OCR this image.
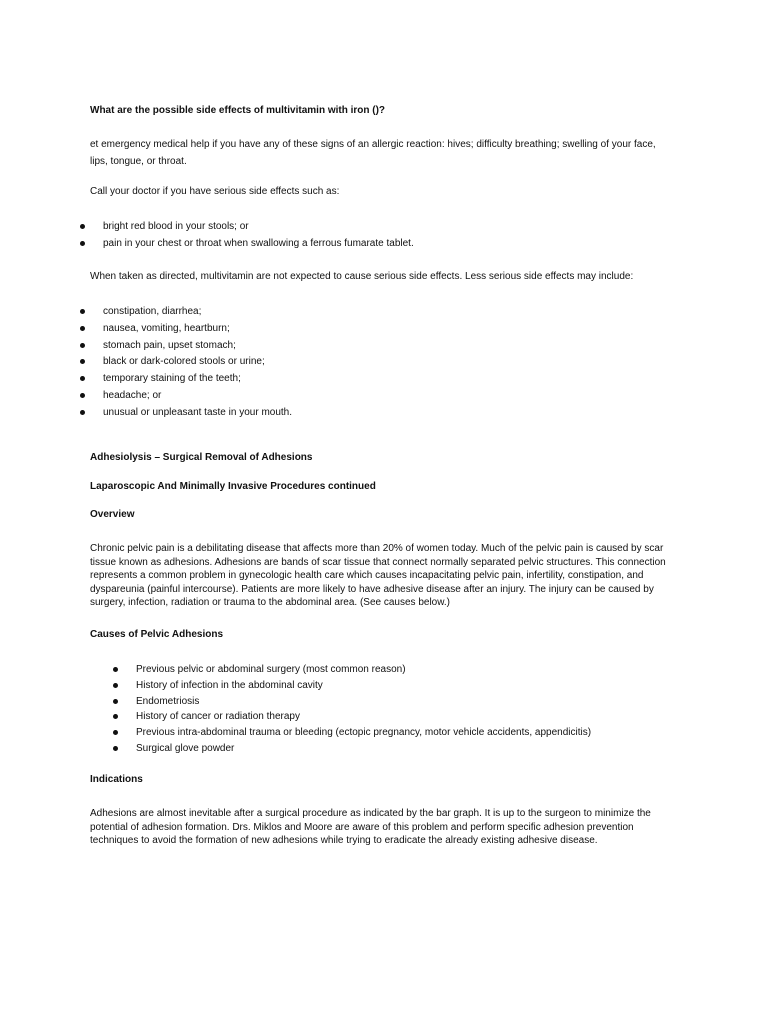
What are the possible side effects of multivitamin with iron ()?

et emergency medical help if you have any of these signs of an allergic reaction: hives; difficulty breathing; swelling of your face, lips, tongue, or throat.

Call your doctor if you have serious side effects such as:

bright red blood in your stools; or
pain in your chest or throat when swallowing a ferrous fumarate tablet.

When taken as directed, multivitamin are not expected to cause serious side effects. Less serious side effects may include:

constipation, diarrhea;
nausea, vomiting, heartburn;
stomach pain, upset stomach;
black or dark-colored stools or urine;
temporary staining of the teeth;
headache; or
unusual or unpleasant taste in your mouth.

Adhesiolysis – Surgical Removal of Adhesions

Laparoscopic And Minimally Invasive Procedures continued

Overview

Chronic pelvic pain is a debilitating disease that affects more than 20% of women today. Much of the pelvic pain is caused by scar tissue known as adhesions. Adhesions are bands of scar tissue that connect normally separated pelvic structures. This connection represents a common problem in gynecologic health care which causes incapacitating pelvic pain, infertility, constipation, and dyspareunia (painful intercourse). Patients are more likely to have adhesive disease after an injury. The injury can be caused by surgery, infection, radiation or trauma to the abdominal area. (See causes below.)

Causes of Pelvic Adhesions

Previous pelvic or abdominal surgery (most common reason)
History of infection in the abdominal cavity
Endometriosis
History of cancer or radiation therapy
Previous intra-abdominal trauma or bleeding (ectopic pregnancy, motor vehicle accidents, appendicitis)
Surgical glove powder

Indications

Adhesions are almost inevitable after a surgical procedure as indicated by the bar graph. It is up to the surgeon to minimize the potential of adhesion formation. Drs. Miklos and Moore are aware of this problem and perform specific adhesion prevention techniques to avoid the formation of new adhesions while trying to eradicate the already existing adhesive disease.
